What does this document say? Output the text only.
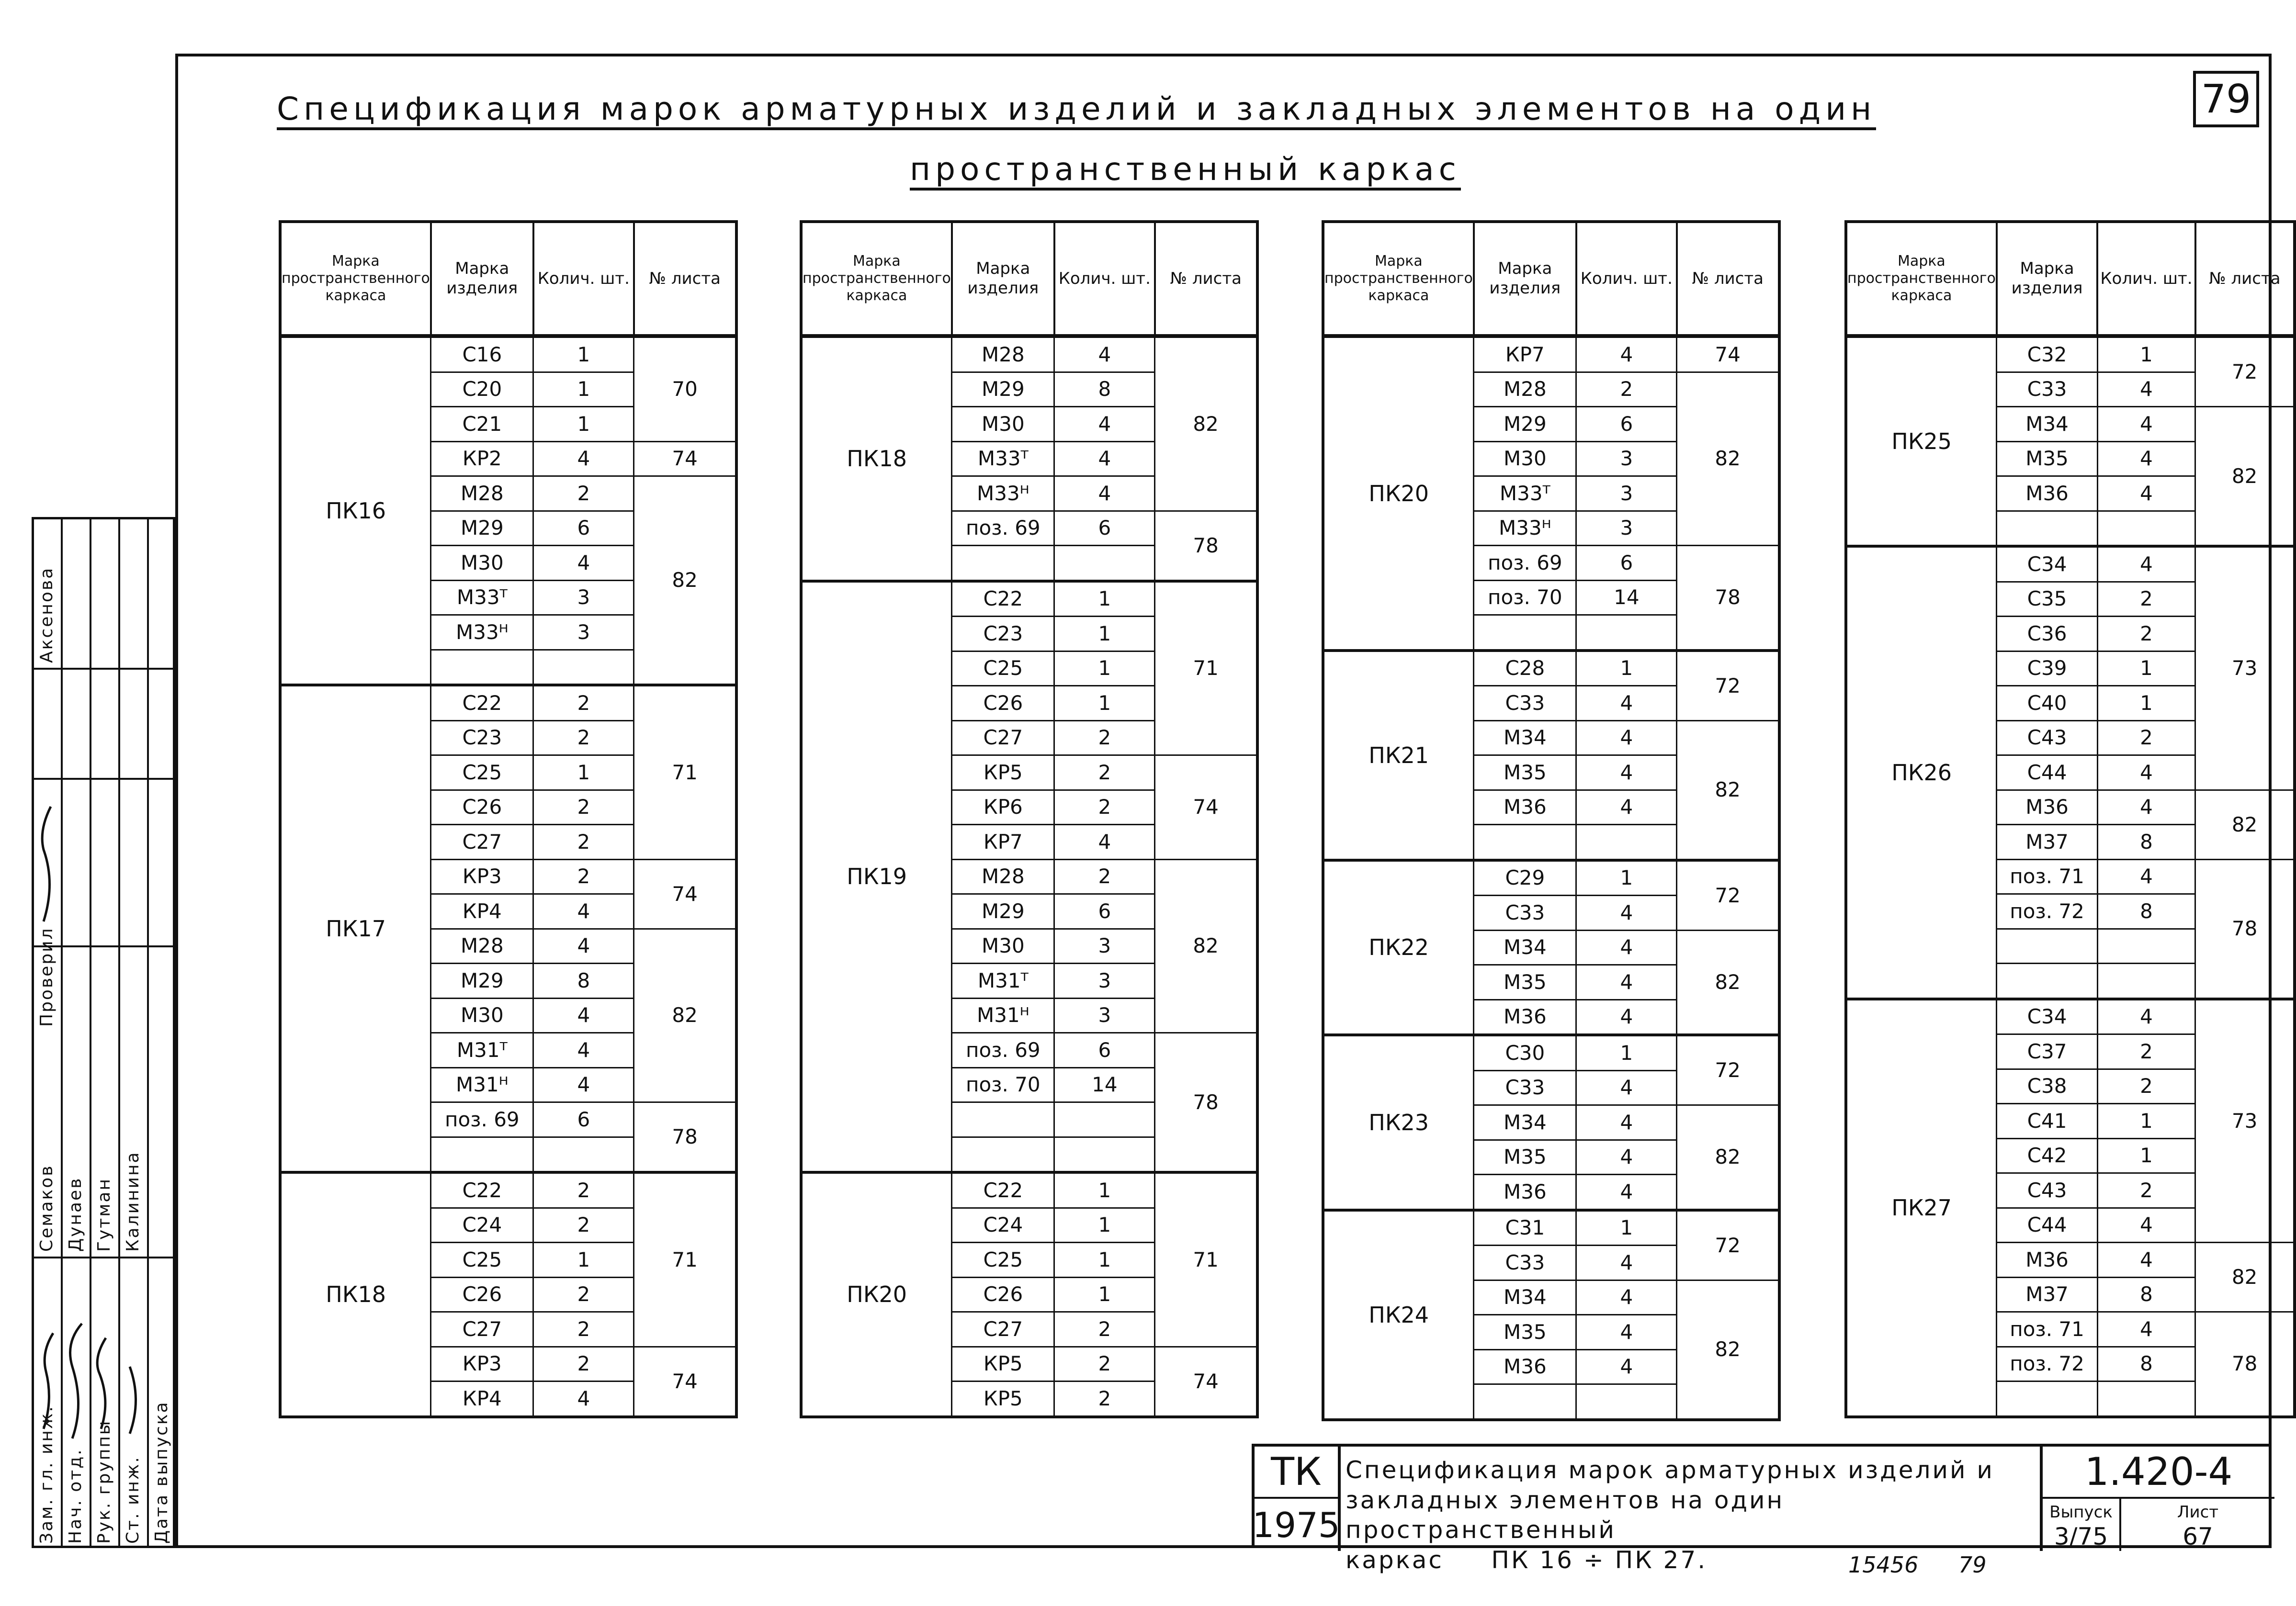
79
Спецификация марок арматурных изделий и закладных элементов на один
пространственный каркас
Марка пространственного каркаса	Марка изделия	Колич. шт.	№ листа
ПК16	С16	1	70
	С20	1	
	С21	1	
	КР2	4	74
	М28	2	82
	М29	6	
	М30	4	
	М33ᵀ	3	
	М33ᴴ	3	

ПК17	С22	2	71
	С23	2	
	С25	1	
	С26	2	
	С27	2	
	КР3	2	74
	КР4	4	
	М28	4	82
	М29	8	
	М30	4	
	М31ᵀ	4	
	М31ᴴ	4	
	поз. 69	6	78

ПК18	С22	2	71
	С24	2	
	С25	1	
	С26	2	
	С27	2	
	КР3	2	74
	КР4	4	
Марка пространственного каркаса	Марка изделия	Колич. шт.	№ листа
ПК18	М28	4	82
	М29	8	
	М30	4	
	М33ᵀ	4	
	М33ᴴ	4	
	поз. 69	6	78

ПК19	С22	1	71
	С23	1	
	С25	1	
	С26	1	
	С27	2	
	КР5	2	74
	КР6	2	
	КР7	4	
	М28	2	82
	М29	6	
	М30	3	
	М31ᵀ	3	
	М31ᴴ	3	
	поз. 69	6	78
	поз. 70	14	

ПК20	С22	1	71
	С24	1	
	С25	1	
	С26	1	
	С27	2	
	КР5	2	74
	КР5	2	
Марка пространственного каркаса	Марка изделия	Колич. шт.	№ листа
ПК20	КР7	4	74
	М28	2	82
	М29	6	
	М30	3	
	М33ᵀ	3	
	М33ᴴ	3	
	поз. 69	6	78
	поз. 70	14	

ПК21	С28	1	72
	С33	4	
	М34	4	82
	М35	4	
	М36	4	

ПК22	С29	1	72
	С33	4	
	М34	4	82
	М35	4	
	М36	4	
ПК23	С30	1	72
	С33	4	
	М34	4	82
	М35	4	
	М36	4	
ПК24	С31	1	72
	С33	4	
	М34	4	82
	М35	4	
	М36	4	

Марка пространственного каркаса	Марка изделия	Колич. шт.	№ листа
ПК25	С32	1	72
	С33	4	
	М34	4	82
	М35	4	
	М36	4	

ПК26	С34	4	73
	С35	2	
	С36	2	
	С39	1	
	С40	1	
	С43	2	
	С44	4	
	М36	4	82
	М37	8	
	поз. 71	4	78
	поз. 72	8	

ПК27	С34	4	73
	С37	2	
	С38	2	
	С41	1	
	С42	1	
	С43	2	
	С44	4	
	М36	4	82
	М37	8	
	поз. 71	4	78
	поз. 72	8	

Зам. гл. инж. Нач. отд. Рук. группы Ст. инж. Дата выпуска
Проверил
Семаков Дунаев Гутман Калинина
Аксенова
ТК
1975
Спецификация марок арматурных изделий и
закладных элементов на один пространственный
каркас     ПК 16 ÷ ПК 27.
1.420-4
Выпуск
3/75
Лист
67
15456 79
